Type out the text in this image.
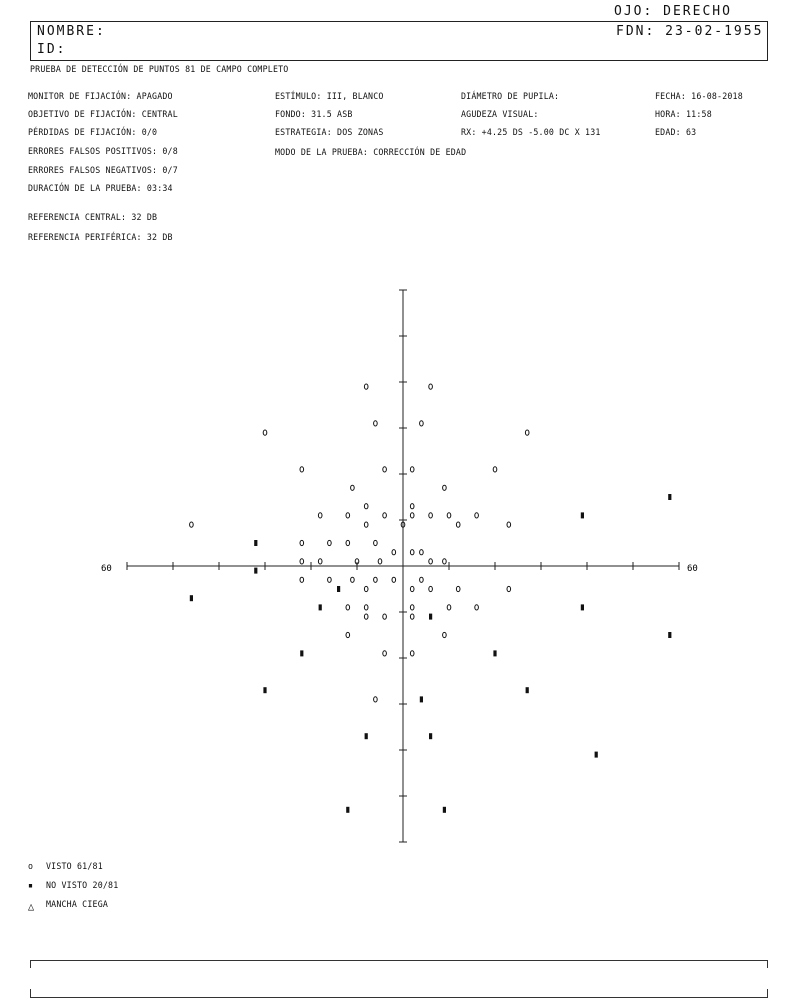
OJO: DERECHO
NOMBRE:
ID:
FDN: 23-02-1955
PRUEBA DE DETECCIÓN DE PUNTOS 81 DE CAMPO COMPLETO
MONITOR DE FIJACIÓN: APAGADO
OBJETIVO DE FIJACIÓN: CENTRAL
PÉRDIDAS DE FIJACIÓN: 0/0
ERRORES FALSOS POSITIVOS: 0/8
ERRORES FALSOS NEGATIVOS: 0/7
DURACIÓN DE LA PRUEBA: 03:34
ESTÍMULO: III, BLANCO
FONDO: 31.5 ASB
ESTRATEGIA: DOS ZONAS
MODO DE LA PRUEBA: CORRECCIÓN DE EDAD
DIÁMETRO DE PUPILA:
AGUDEZA VISUAL:
RX: +4.25 DS -5.00 DC X 131
FECHA: 16-08-2018
HORA: 11:58
EDAD: 63
REFERENCIA CENTRAL: 32 DB
REFERENCIA PERIFÉRICA: 32 DB
60	60
o VISTO 61/81
▪ NO VISTO 20/81
△ MANCHA CIEGA
